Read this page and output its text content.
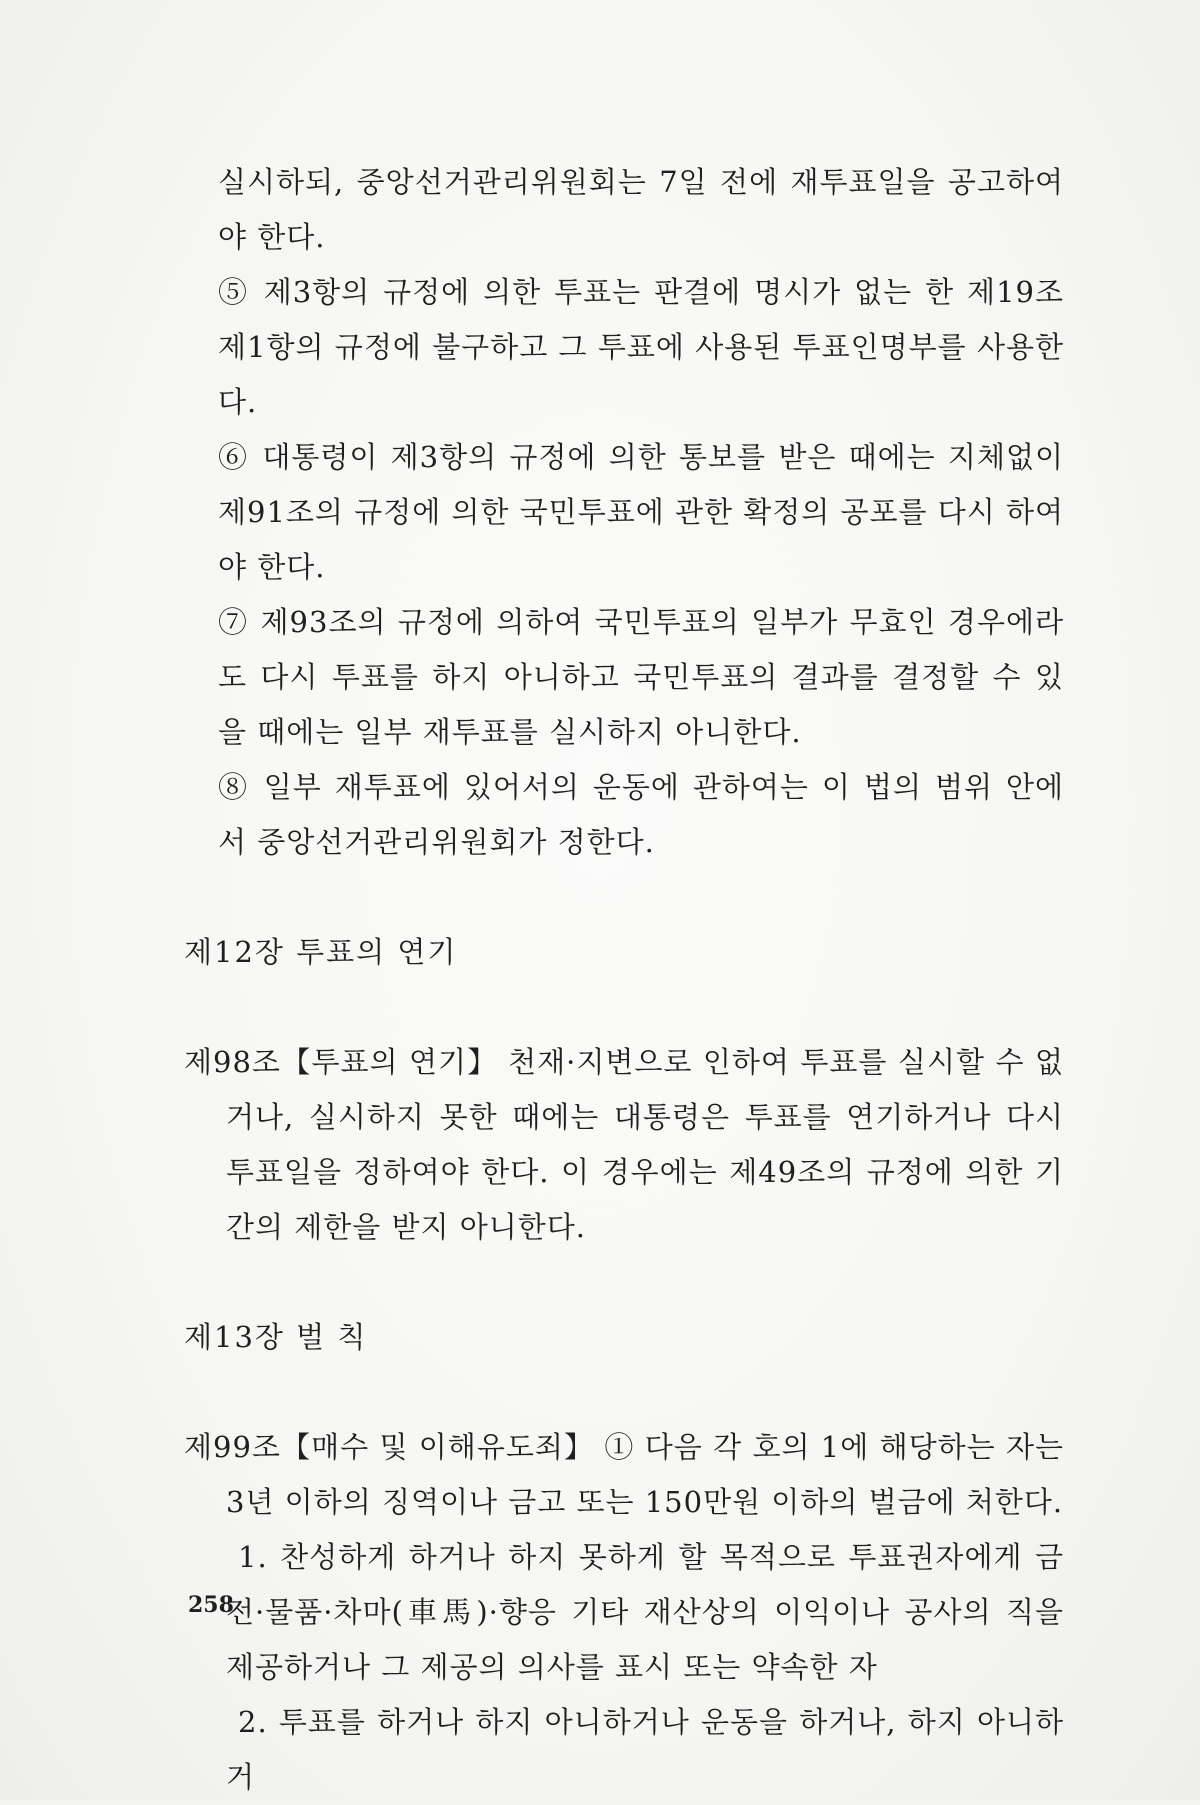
실시하되, 중앙선거관리위원회는 7일 전에 재투표일을 공고하여야 한다.

⑤ 제3항의 규정에 의한 투표는 판결에 명시가 없는 한 제19조 제1항의 규정에 불구하고 그 투표에 사용된 투표인명부를 사용한다.

⑥ 대통령이 제3항의 규정에 의한 통보를 받은 때에는 지체없이 제91조의 규정에 의한 국민투표에 관한 확정의 공포를 다시 하여야 한다.

⑦ 제93조의 규정에 의하여 국민투표의 일부가 무효인 경우에라도 다시 투표를 하지 아니하고 국민투표의 결과를 결정할 수 있을 때에는 일부 재투표를 실시하지 아니한다.

⑧ 일부 재투표에 있어서의 운동에 관하여는 이 법의 범위 안에서 중앙선거관리위원회가 정한다.

제12장 투표의 연기

제98조【투표의 연기】 천재·지변으로 인하여 투표를 실시할 수 없거나, 실시하지 못한 때에는 대통령은 투표를 연기하거나 다시 투표일을 정하여야 한다. 이 경우에는 제49조의 규정에 의한 기간의 제한을 받지 아니한다.

제13장 벌 칙

제99조【매수 및 이해유도죄】 ① 다음 각 호의 1에 해당하는 자는 3년 이하의 징역이나 금고 또는 150만원 이하의 벌금에 처한다.

1. 찬성하게 하거나 하지 못하게 할 목적으로 투표권자에게 금전·물품·차마(車馬)·향응 기타 재산상의 이익이나 공사의 직을 제공하거나 그 제공의 의사를 표시 또는 약속한 자

2. 투표를 하거나 하지 아니하거나 운동을 하거나, 하지 아니하거

258
